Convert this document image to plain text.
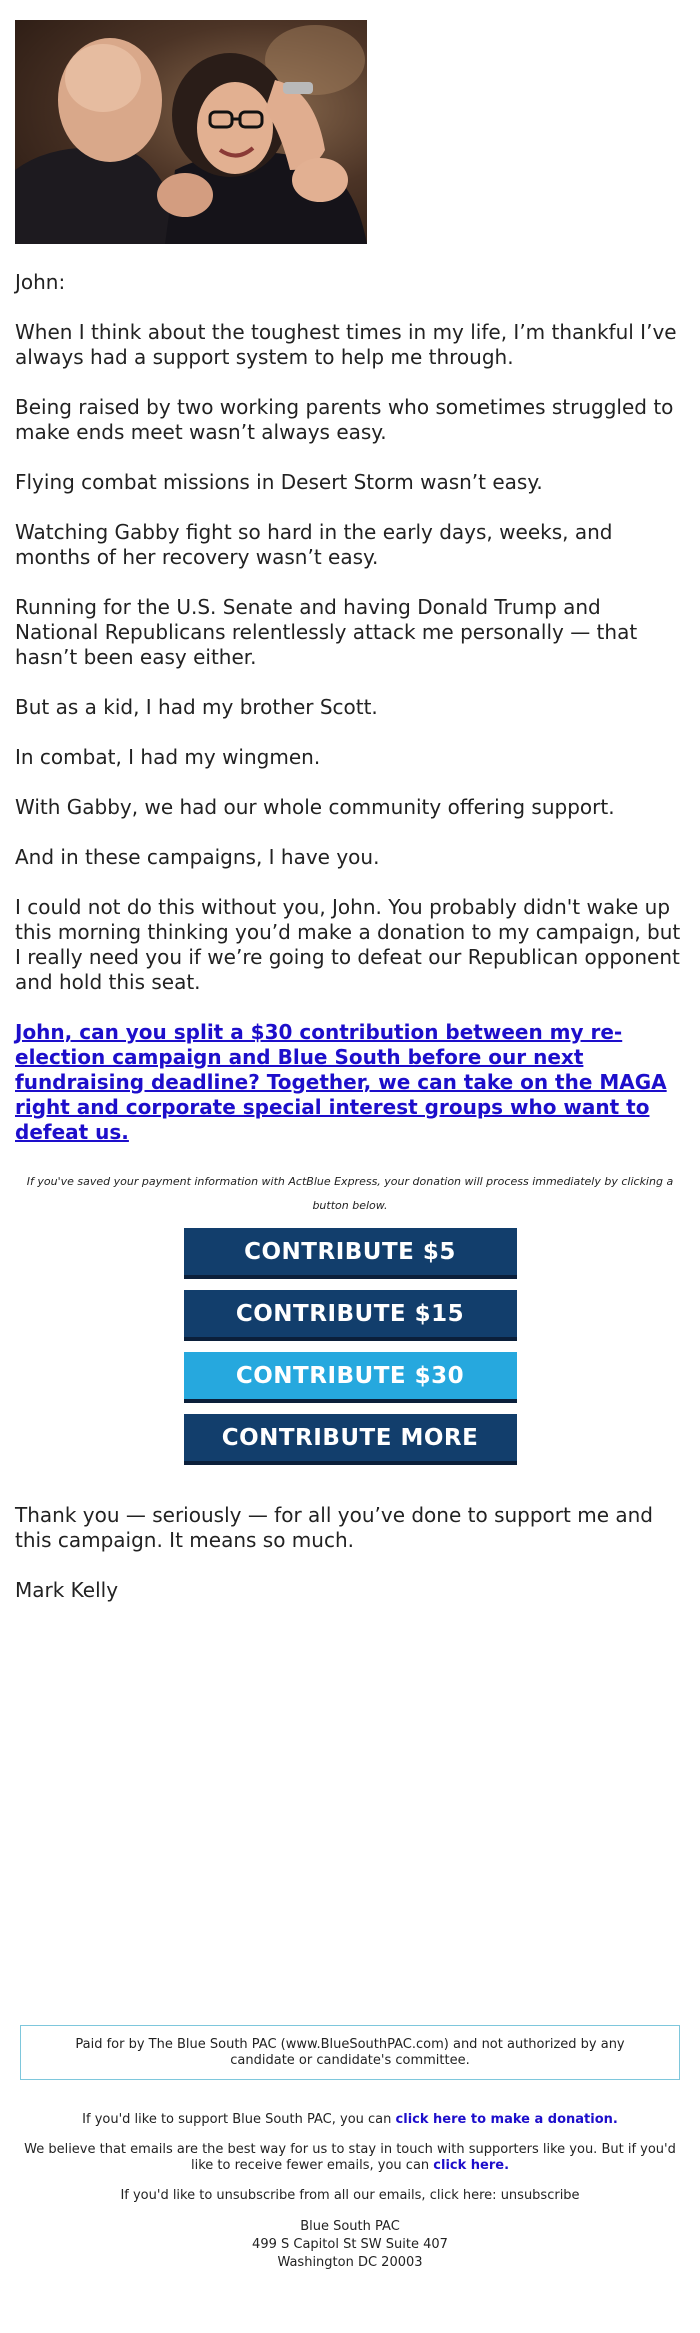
John:

When I think about the toughest times in my life, I’m thankful I’ve always had a support system to help me through.

Being raised by two working parents who sometimes struggled to make ends meet wasn’t always easy.

Flying combat missions in Desert Storm wasn’t easy.

Watching Gabby fight so hard in the early days, weeks, and months of her recovery wasn’t easy.

Running for the U.S. Senate and having Donald Trump and National Republicans relentlessly attack me personally — that hasn’t been easy either.

But as a kid, I had my brother Scott.

In combat, I had my wingmen.

With Gabby, we had our whole community offering support.

And in these campaigns, I have you.

I could not do this without you, John. You probably didn't wake up this morning thinking you’d make a donation to my campaign, but I really need you if we’re going to defeat our Republican opponent and hold this seat.

John, can you split a $30 contribution between my re-election campaign and Blue South before our next fundraising deadline? Together, we can take on the MAGA right and corporate special interest groups who want to defeat us.

If you've saved your payment information with ActBlue Express, your donation will process immediately by clicking a button below.

CONTRIBUTE $5
CONTRIBUTE $15
CONTRIBUTE $30
CONTRIBUTE MORE

Thank you — seriously — for all you’ve done to support me and this campaign. It means so much.

Mark Kelly

Paid for by The Blue South PAC (www.BlueSouthPAC.com) and not authorized by any candidate or candidate's committee.

If you'd like to support Blue South PAC, you can click here to make a donation.

We believe that emails are the best way for us to stay in touch with supporters like you. But if you'd like to receive fewer emails, you can click here.

If you'd like to unsubscribe from all our emails, click here: unsubscribe

Blue South PAC
499 S Capitol St SW Suite 407
Washington DC 20003
